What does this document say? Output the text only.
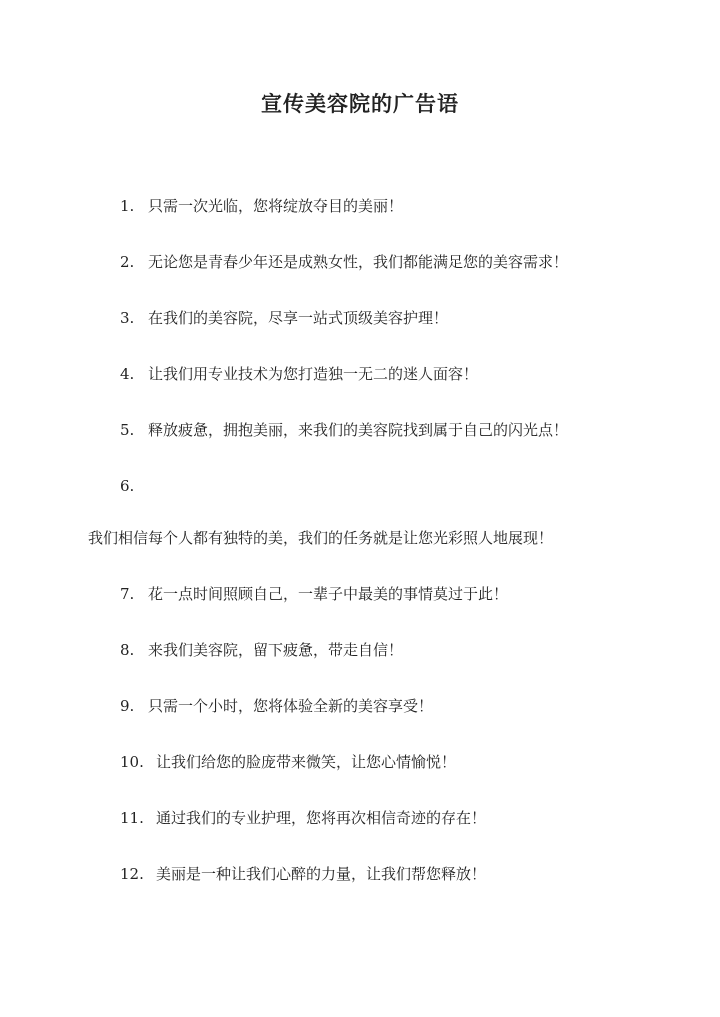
宣传美容院的广告语
1. 只需一次光临，您将绽放夺目的美丽！
2. 无论您是青春少年还是成熟女性，我们都能满足您的美容需求！
3. 在我们的美容院，尽享一站式顶级美容护理！
4. 让我们用专业技术为您打造独一无二的迷人面容！
5. 释放疲惫，拥抱美丽，来我们的美容院找到属于自己的闪光点！
6.
我们相信每个人都有独特的美，我们的任务就是让您光彩照人地展现！
7. 花一点时间照顾自己，一辈子中最美的事情莫过于此！
8. 来我们美容院，留下疲惫，带走自信！
9. 只需一个小时，您将体验全新的美容享受！
10. 让我们给您的脸庞带来微笑，让您心情愉悦！
11. 通过我们的专业护理，您将再次相信奇迹的存在！
12. 美丽是一种让我们心醉的力量，让我们帮您释放！
